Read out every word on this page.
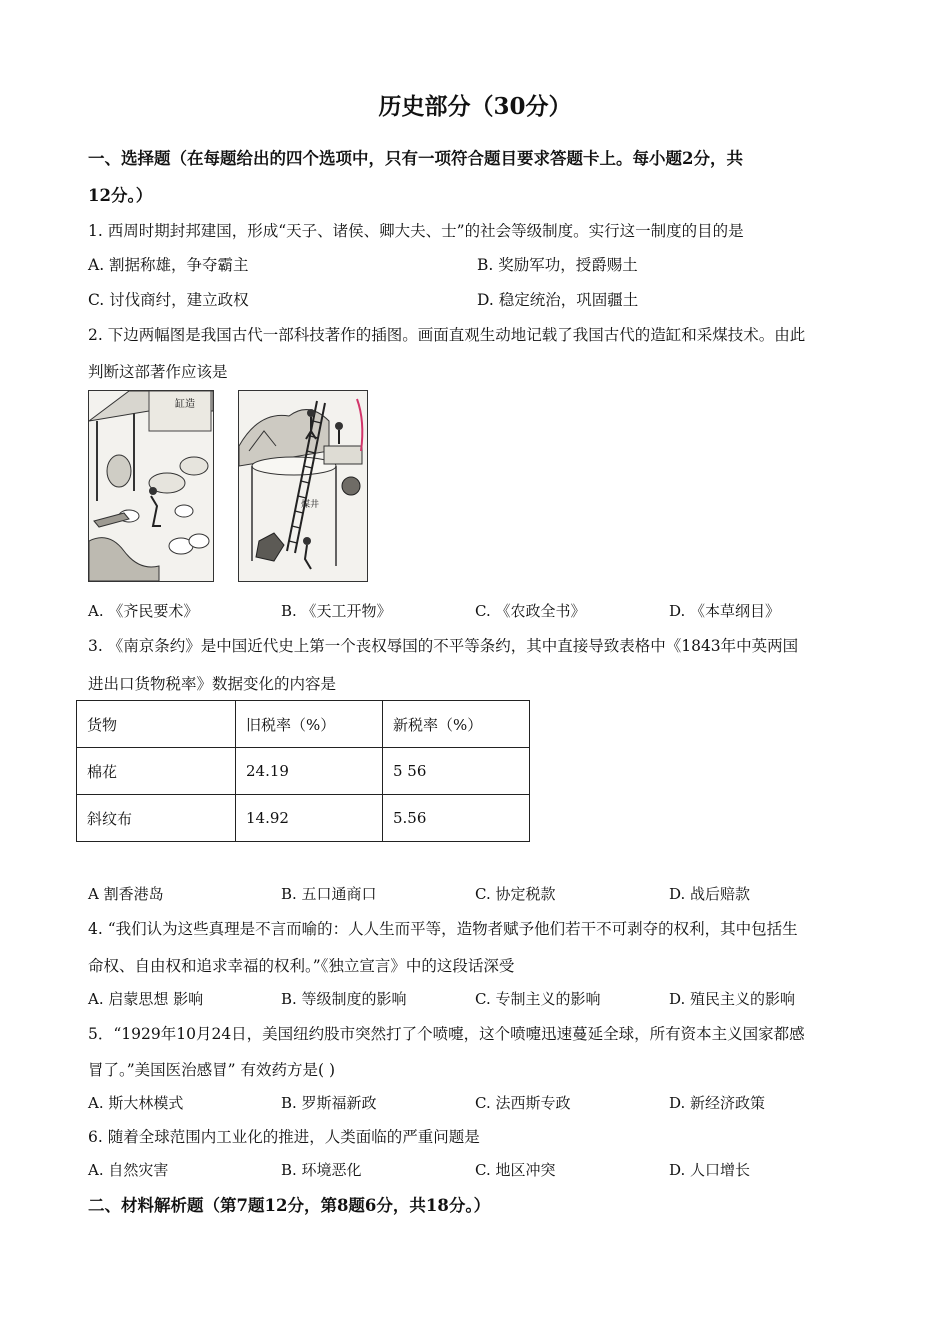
历史部分（30分）
一、选择题（在每题给出的四个选项中，只有一项符合题目要求答题卡上。每小题2分，共
12分。）
1. 西周时期封邦建国，形成“天子、诸侯、卿大夫、士”的社会等级制度。实行这一制度的目的是
A. 割据称雄，争夺霸主	B. 奖励军功，授爵赐土
C. 讨伐商纣，建立政权	D. 稳定统治，巩固疆土
2. 下边两幅图是我国古代一部科技著作的插图。画面直观生动地记载了我国古代的造缸和采煤技术。由此
判断这部著作应该是
缸造
煤井
A. 《齐民要术》	B. 《天工开物》	C. 《农政全书》	D. 《本草纲目》
3. 《南京条约》是中国近代史上第一个丧权辱国的不平等条约，其中直接导致表格中《1843年中英两国
进出口货物税率》数据变化的内容是
货物	旧税率（%）	新税率（%）
棉花	24.19	5 56
斜纹布	14.92	5.56
A 割香港岛	B. 五口通商口	C. 协定税款	D. 战后赔款
4. “我们认为这些真理是不言而喻的：人人生而平等，造物者赋予他们若干不可剥夺的权利，其中包括生
命权、自由权和追求幸福的权利。”《独立宣言》中的这段话深受
A. 启蒙思想 影响	B. 等级制度的影响	C. 专制主义的影响	D. 殖民主义的影响
5．“1929年10月24日，美国纽约股市突然打了个喷嚏，这个喷嚏迅速蔓延全球，所有资本主义国家都感
冒了。”美国医治感冒” 有效药方是( )
A. 斯大林模式	B. 罗斯福新政	C. 法西斯专政	D. 新经济政策
6. 随着全球范围内工业化的推进，人类面临的严重问题是
A. 自然灾害	B. 环境恶化	C. 地区冲突	D. 人口增长
二、材料解析题（第7题12分，第8题6分，共18分。）
